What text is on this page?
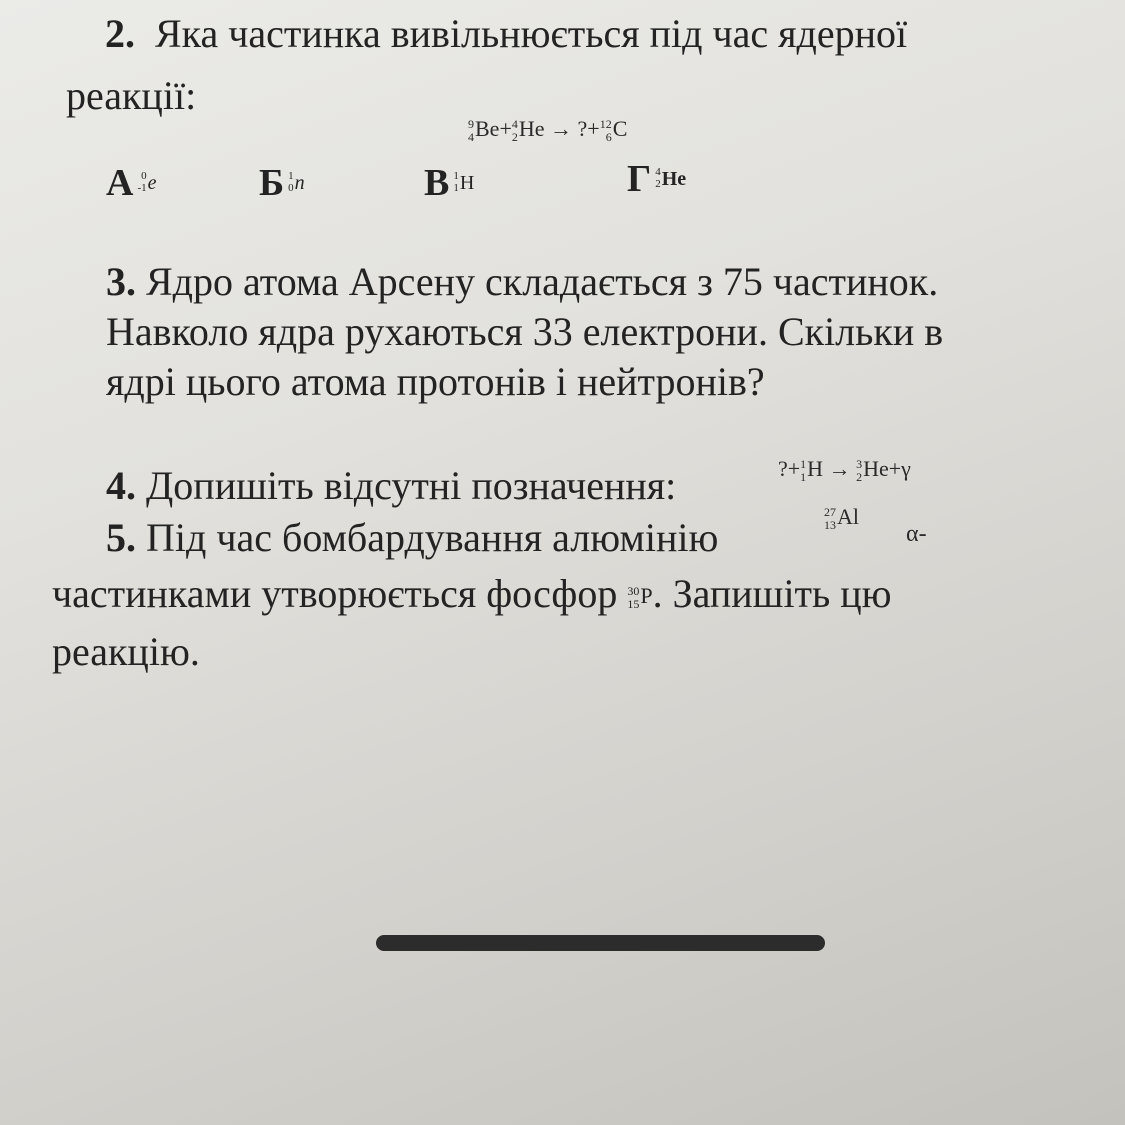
2. Яка частинка вивільнюється під час ядерної
реакції:
9
4 Be+ 4
2 He → ?+ 12
6 C
А 0
-1 e	Б 1
0 n	В 1
1 H	Г 4
2 He
3. Ядро атома Арсену складається з 75 частинок.
Навколо ядра рухаються 33 електрони. Скільки в
ядрі цього атома протонів і нейтронів?
4. Допишіть відсутні позначення:	?+ 1
1 H → 3
2 He+γ
5. Під час бомбардування алюмінію
27
13 Al
α-
частинками утворюється фосфор 30
15 P. Запишіть цю
реакцію.
